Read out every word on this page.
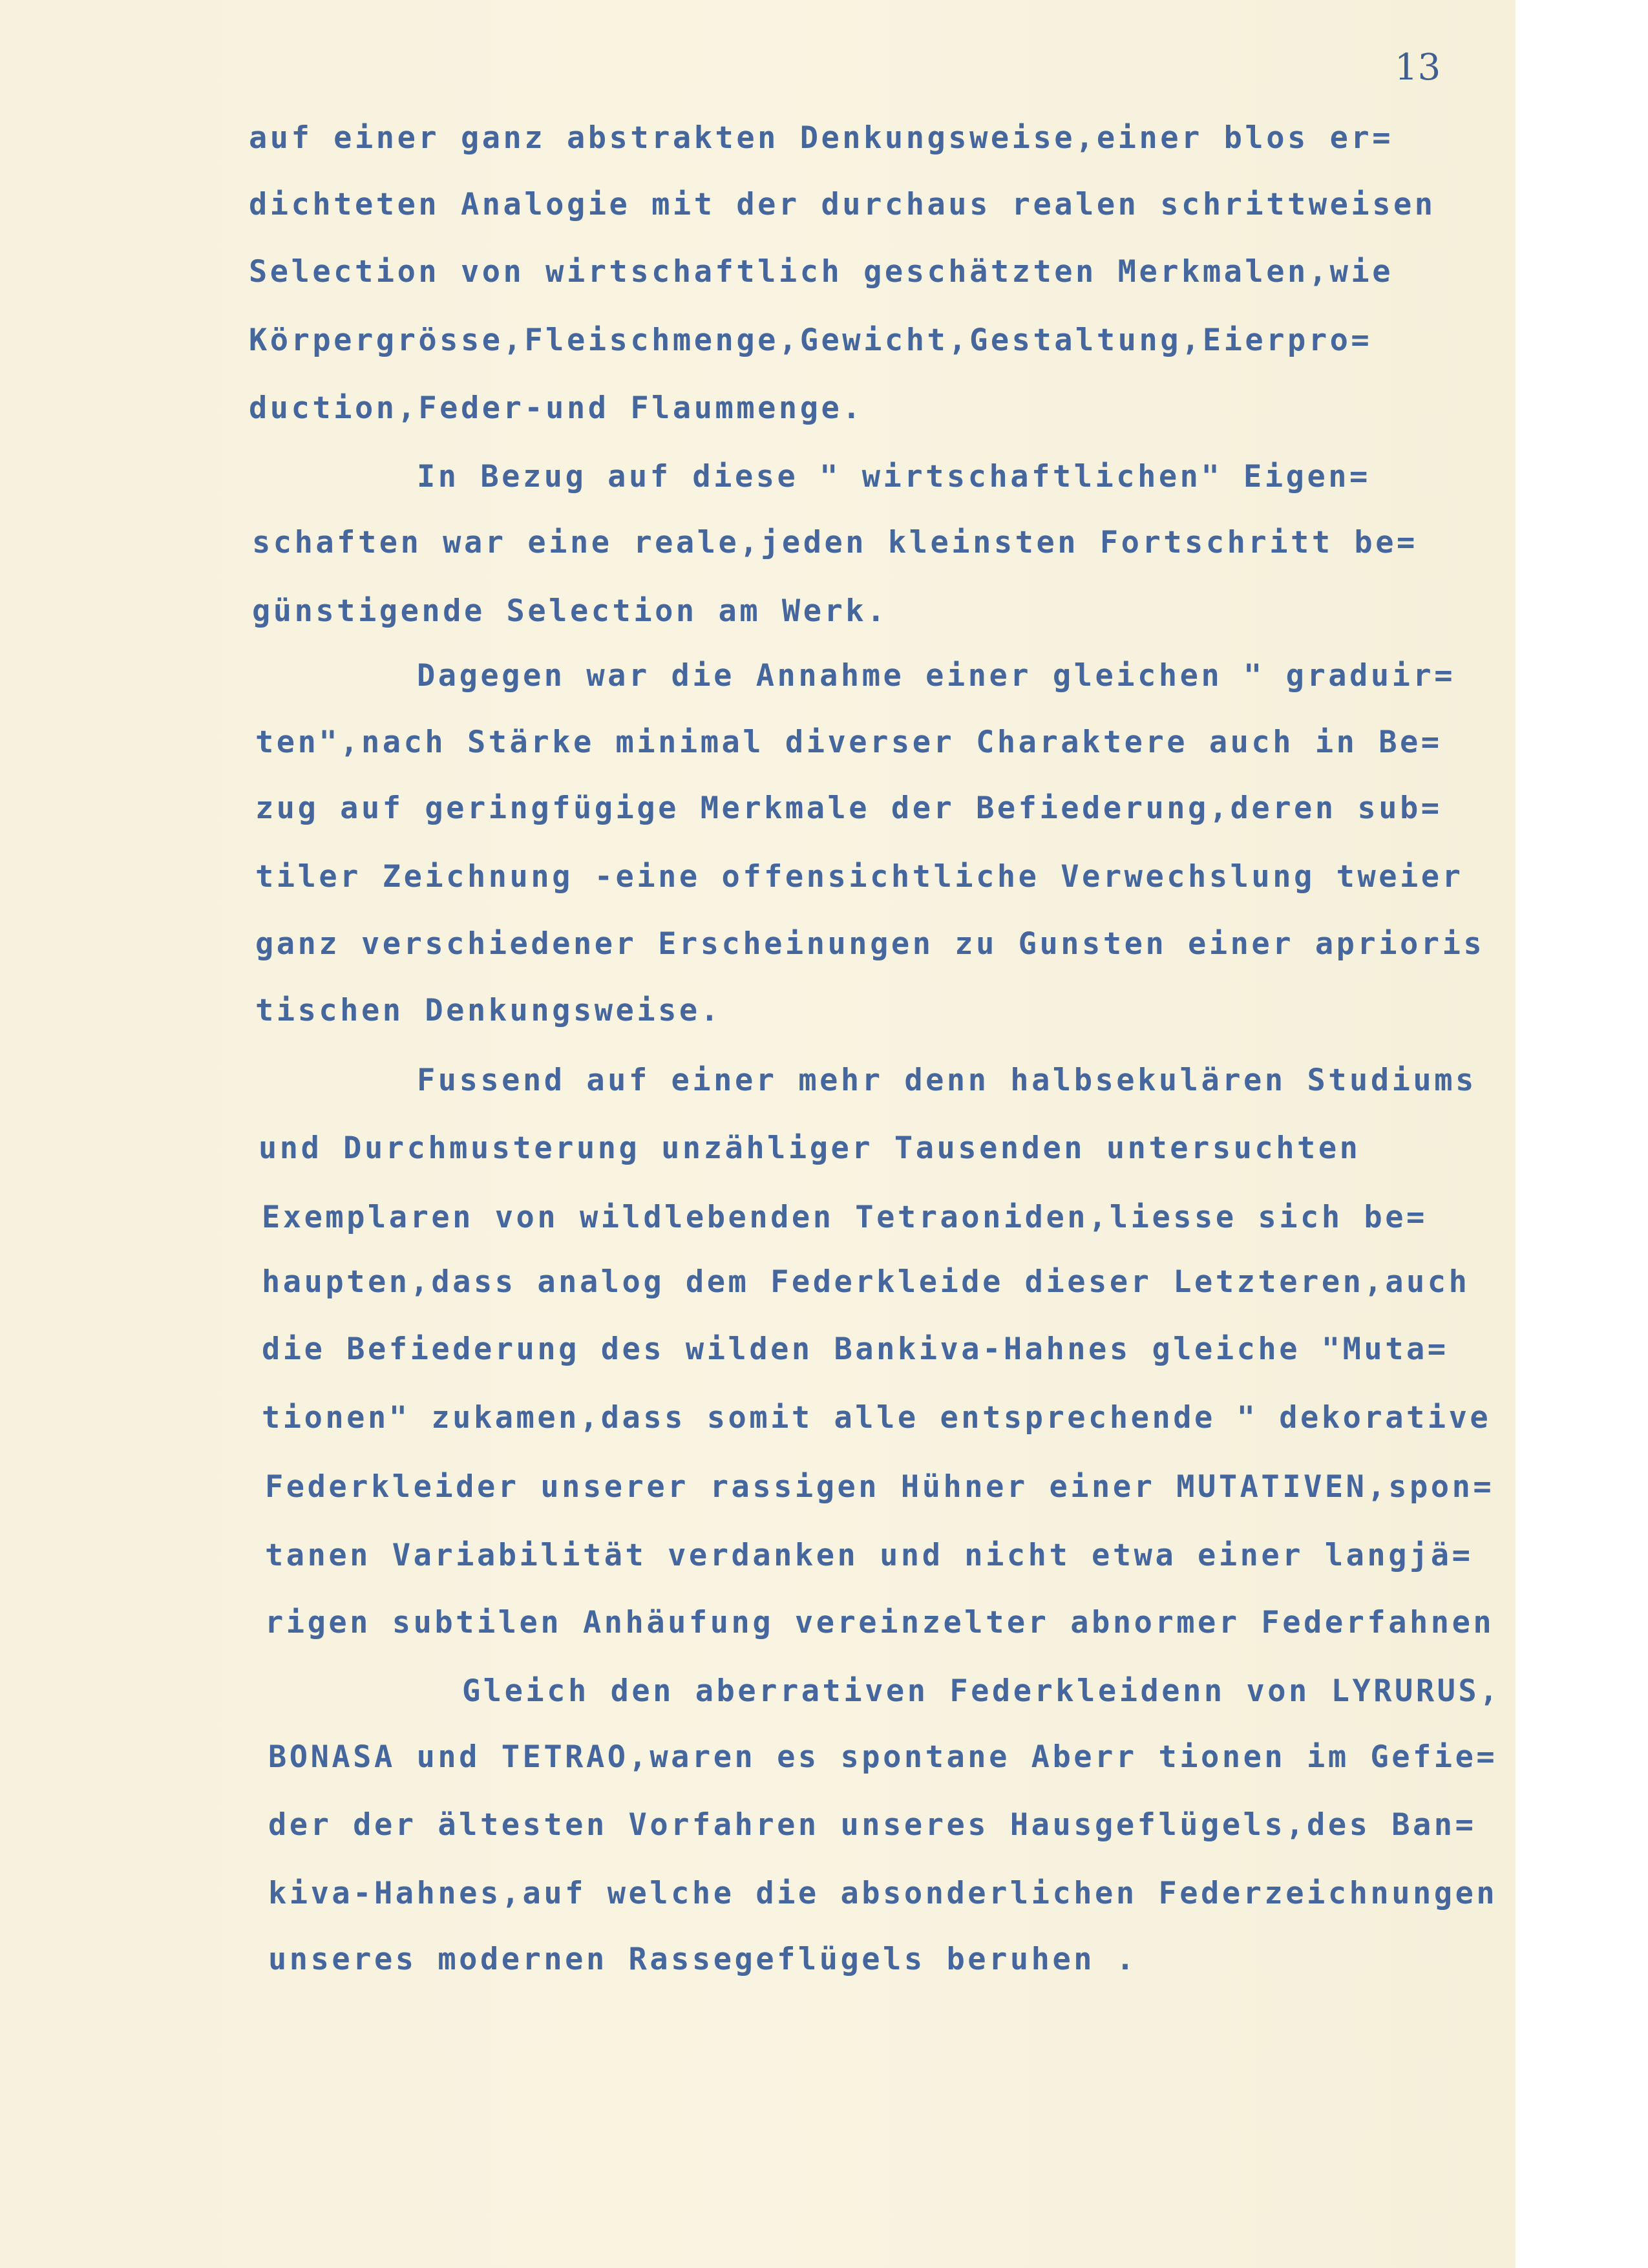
13

auf einer ganz abstrakten Denkungsweise,einer blos er=

dichteten Analogie mit der durchaus realen schrittweisen

Selection von wirtschaftlich geschätzten Merkmalen,wie

Körpergrösse,Fleischmenge,Gewicht,Gestaltung,Eierpro=

duction,Feder-und Flaummenge.

In Bezug auf diese " wirtschaftlichen" Eigen=

schaften war eine reale,jeden kleinsten Fortschritt be=

günstigende Selection am Werk.

Dagegen war die Annahme einer gleichen " graduir=

ten",nach Stärke minimal diverser Charaktere auch in Be=

zug auf geringfügige Merkmale der Befiederung,deren sub=

tiler Zeichnung -eine offensichtliche Verwechslung tweier

ganz verschiedener Erscheinungen zu Gunsten einer aprioris

tischen Denkungsweise.

Fussend auf einer mehr denn halbsekulären Studiums

und Durchmusterung unzähliger Tausenden untersuchten

Exemplaren von wildlebenden Tetraoniden,liesse sich be=

haupten,dass analog dem Federkleide dieser Letzteren,auch

die Befiederung des wilden Bankiva-Hahnes gleiche "Muta=

tionen" zukamen,dass somit alle entsprechende " dekorative

Federkleider unserer rassigen Hühner einer MUTATIVEN,spon=

tanen Variabilität verdanken und nicht etwa einer langjä=

rigen subtilen Anhäufung vereinzelter abnormer Federfahnen

Gleich den aberrativen Federkleidenn von LYRURUS,

BONASA und TETRAO,waren es spontane Aberr tionen im Gefie=

der der ältesten Vorfahren unseres Hausgeflügels,des Ban=

kiva-Hahnes,auf welche die absonderlichen Federzeichnungen

unseres modernen Rassegeflügels beruhen .
